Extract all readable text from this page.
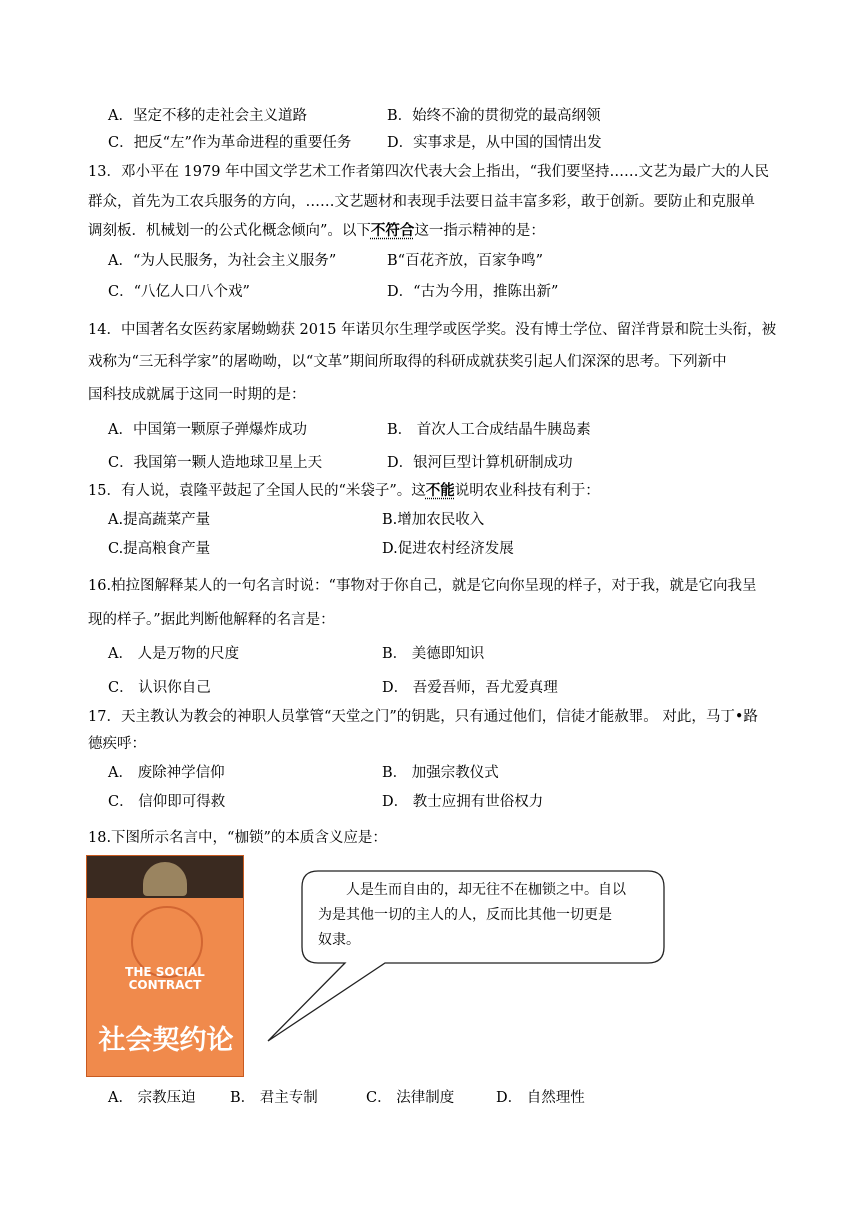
A．坚定不移的走社会主义道路	B．始终不渝的贯彻党的最高纲领
C．把反“左”作为革命进程的重要任务 D．实事求是，从中国的国情出发
13．邓小平在 1979 年中国文学艺术工作者第四次代表大会上指出，“我们要坚持……文艺为最广大的人民
群众，首先为工农兵服务的方向，……文艺题材和表现手法要日益丰富多彩，敢于创新。要防止和克服单
调刻板．机械划一的公式化概念倾向”。以下不符合这一指示精神的是：
A．“为人民服务，为社会主义服务”	B“百花齐放，百家争鸣”
C．“八亿人口八个戏”	D．“古为今用，推陈出新”
14．中国著名女医药家屠蚴蚴获 2015 年诺贝尔生理学或医学奖。没有博士学位、留洋背景和院士头衔，被
戏称为“三无科学家”的屠呦呦，以“文革”期间所取得的科研成就获奖引起人们深深的思考。下列新中
国科技成就属于这同一时期的是：
A．中国第一颗原子弹爆炸成功	B． 首次人工合成结晶牛胰岛素
C．我国第一颗人造地球卫星上天	D．银河巨型计算机研制成功
15．有人说，袁隆平鼓起了全国人民的“米袋子”。这不能说明农业科技有利于：
A.提高蔬菜产量	B.增加农民收入
C.提高粮食产量	D.促进农村经济发展
16.柏拉图解释某人的一句名言时说：“事物对于你自己，就是它向你呈现的样子，对于我，就是它向我呈
现的样子。”据此判断他解释的名言是：
A． 人是万物的尺度	B． 美德即知识
C． 认识你自己	D． 吾爱吾师，吾尤爱真理
17．天主教认为教会的神职人员掌管“天堂之门”的钥匙，只有通过他们，信徒才能赦罪。 对此，马丁•路
德疾呼：
A． 废除神学信仰	B． 加强宗教仪式
C． 信仰即可得救	D． 教士应拥有世俗权力
18.下图所示名言中，“枷锁”的本质含义应是：
THE SOCIAL
CONTRACT
社会契约论
人是生而自由的，却无往不在枷锁之中。自以
为是其他一切的主人的人，反而比其他一切更是
奴隶。
A． 宗教压迫 B． 君主专制	C． 法律制度	D． 自然理性
